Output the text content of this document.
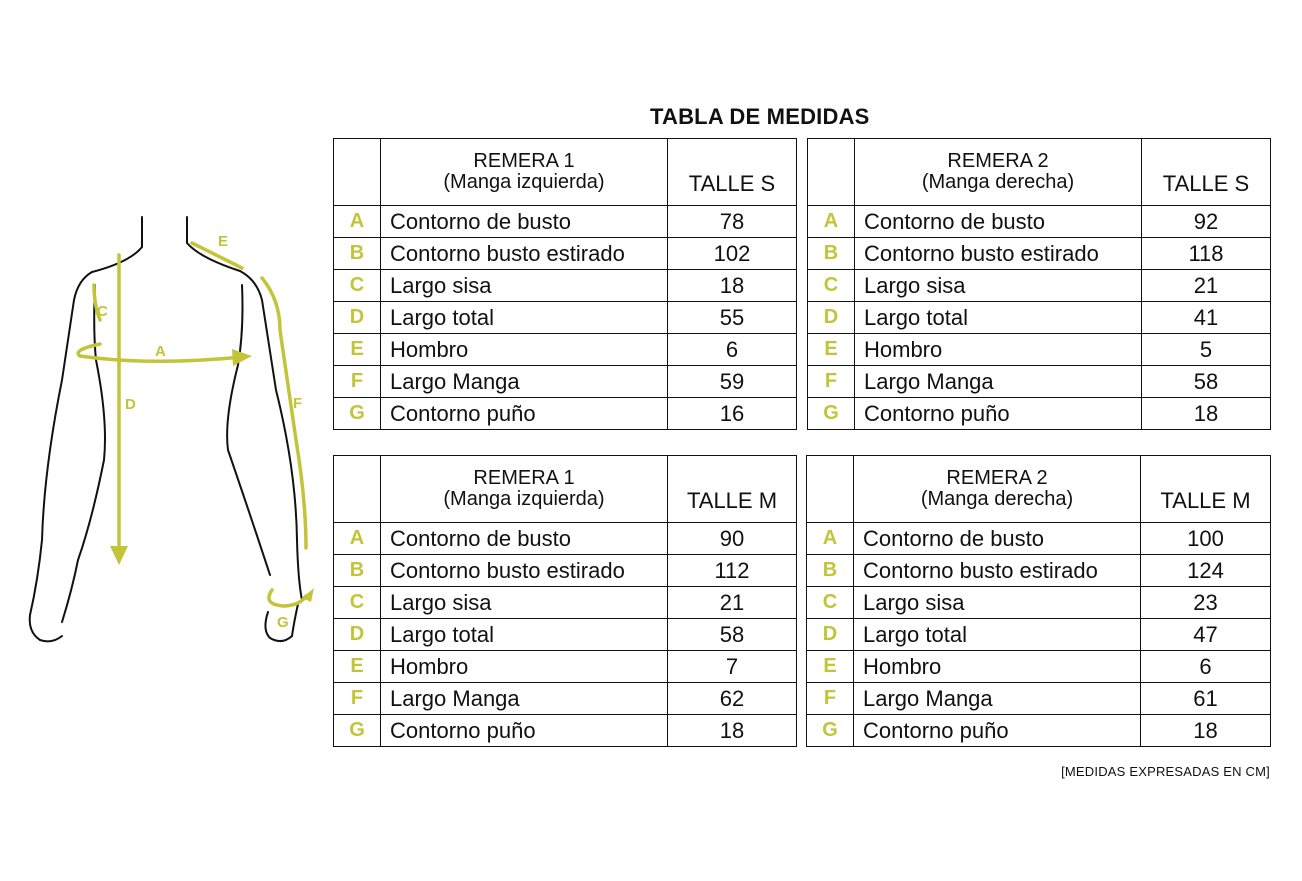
TABLA DE MEDIDAS
A
C
D
E
F
G

	REMERA 1
(Manga izquierda)	TALLE S
A	Contorno de busto	78
B	Contorno busto estirado	102
C	Largo sisa	18
D	Largo total	55
E	Hombro	6
F	Largo Manga	59
G	Contorno puño	16

	REMERA 2
(Manga derecha)	TALLE S
A	Contorno de busto	92
B	Contorno busto estirado	118
C	Largo sisa	21
D	Largo total	41
E	Hombro	5
F	Largo Manga	58
G	Contorno puño	18

	REMERA 1
(Manga izquierda)	TALLE M
A	Contorno de busto	90
B	Contorno busto estirado	112
C	Largo sisa	21
D	Largo total	58
E	Hombro	7
F	Largo Manga	62
G	Contorno puño	18

	REMERA 2
(Manga derecha)	TALLE M
A	Contorno de busto	100
B	Contorno busto estirado	124
C	Largo sisa	23
D	Largo total	47
E	Hombro	6
F	Largo Manga	61
G	Contorno puño	18
[MEDIDAS EXPRESADAS EN CM]
